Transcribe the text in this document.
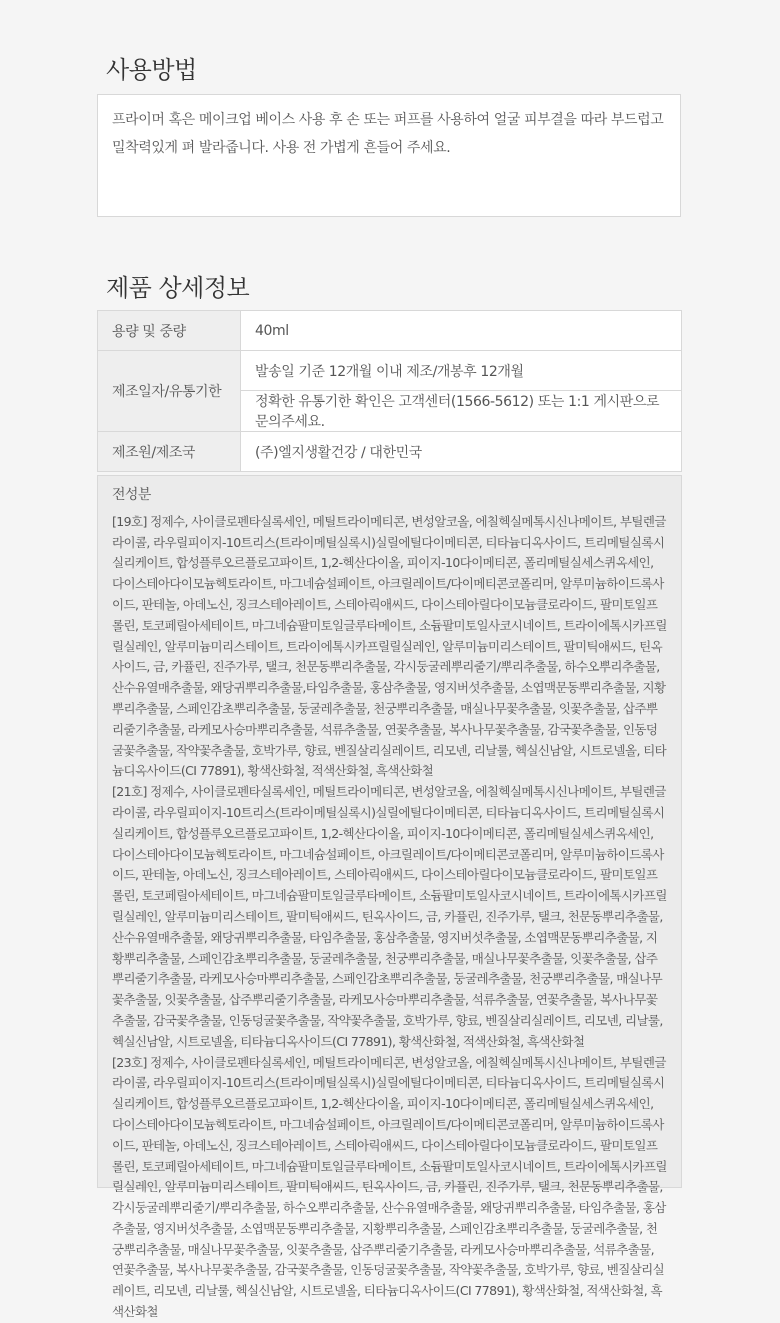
사용방법
프라이머 혹은 메이크업 베이스 사용 후 손 또는 퍼프를 사용하여 얼굴 피부결을 따라 부드럽고 밀착력있게 펴 발라줍니다. 사용 전 가볍게 흔들어 주세요.
제품 상세정보
용량 및 중량	40ml
제조일자/유통기한	발송일 기준 12개월 이내 제조/개봉후 12개월
	정확한 유통기한 확인은 고객센터(1566-5612) 또는 1:1 게시판으로 문의주세요.
제조원/제조국	(주)엘지생활건강 / 대한민국
전성분

[19호] 정제수, 사이클로펜타실록세인, 메틸트라이메티콘, 변성알코올, 에칠헥실메톡시신나메이트, 부틸렌글라이콜, 라우릴피이지-10트리스(트라이메틸실록시)실릴에틸다이메티콘, 티타늄디옥사이드, 트리메틸실록시실리케이트, 합성플루오르플로고파이트, 1,2-헥산다이올, 피이지-10다이메티콘, 폴리메틸실세스퀴옥세인, 다이스테아다이모늄헥토라이트, 마그네슘설페이트, 아크릴레이트/다이메티콘코폴리머, 알루미늄하이드록사이드, 판테놀, 아데노신, 징크스테아레이트, 스테아릭애씨드, 다이스테아릴다이모늄클로라이드, 팔미토일프롤린, 토코페릴아세테이트, 마그네슘팔미토일글루타메이트, 소듐팔미토일사코시네이트, 트라이에톡시카프릴릴실레인, 알루미늄미리스테이트, 트라이에톡시카프릴릴실레인, 알루미늄미리스테이트, 팔미틱애씨드, 틴옥사이드, 금, 카퓰린, 진주가루, 탤크, 천문동뿌리추출물, 각시둥굴레뿌리줄기/뿌리추출물, 하수오뿌리추출물, 산수유열매추출물, 왜당귀뿌리추출물,타임추출물, 홍삼추출물, 영지버섯추출물, 소엽맥문동뿌리추출물, 지황뿌리추출물, 스페인감초뿌리추출물, 둥굴레추출물, 천궁뿌리추출물, 매실나무꽃추출물, 잇꽃추출물, 삽주뿌리줄기추출물, 라케모사승마뿌리추출물, 석류추출물, 연꽃추출물, 복사나무꽃추출물, 감국꽃추출물, 인동덩굴꽃추출물, 작약꽃추출물, 호박가루, 향료, 벤질살리실레이트, 리모넨, 리날룰, 헥실신남알, 시트로넬올, 티타늄디옥사이드(CI 77891), 황색산화철, 적색산화철, 흑색산화철

[21호] 정제수, 사이클로펜타실록세인, 메틸트라이메티콘, 변성알코올, 에칠헥실메톡시신나메이트, 부틸렌글라이콜, 라우릴피이지-10트리스(트라이메틸실록시)실릴에틸다이메티콘, 티타늄디옥사이드, 트리메틸실록시실리케이트, 합성플루오르플로고파이트, 1,2-헥산다이올, 피이지-10다이메티콘, 폴리메틸실세스퀴옥세인, 다이스테아다이모늄헥토라이트, 마그네슘설페이트, 아크릴레이트/다이메티콘코폴리머, 알루미늄하이드록사이드, 판테놀, 아데노신, 징크스테아레이트, 스테아릭애씨드, 다이스테아릴다이모늄클로라이드, 팔미토일프롤린, 토코페릴아세테이트, 마그네슘팔미토일글루타메이트, 소듐팔미토일사코시네이트, 트라이에톡시카프릴릴실레인, 알루미늄미리스테이트, 팔미틱애씨드, 틴옥사이드, 금, 카퓰린, 진주가루, 탤크, 천문동뿌리추출물, 산수유열매추출물, 왜당귀뿌리추출물, 타임추출물, 홍삼추출물, 영지버섯추출물, 소엽맥문동뿌리추출물, 지황뿌리추출물, 스페인감초뿌리추출물, 둥굴레추출물, 천궁뿌리추출물, 매실나무꽃추출물, 잇꽃추출물, 삽주뿌리줄기추출물, 라케모사승마뿌리추출물, 스페인감초뿌리추출물, 둥굴레추출물, 천궁뿌리추출물, 매실나무꽃추출물, 잇꽃추출물, 삽주뿌리줄기추출물, 라케모사승마뿌리추출물, 석류추출물, 연꽃추출물, 복사나무꽃추출물, 감국꽃추출물, 인동덩굴꽃추출물, 작약꽃추출물, 호박가루, 향료, 벤질살리실레이트, 리모넨, 리날룰, 헥실신남알, 시트로넬올, 티타늄디옥사이드(CI 77891), 황색산화철, 적색산화철, 흑색산화철

[23호] 정제수, 사이클로펜타실록세인, 메틸트라이메티콘, 변성알코올, 에칠헥실메톡시신나메이트, 부틸렌글라이콜, 라우릴피이지-10트리스(트라이메틸실록시)실릴에틸다이메티콘, 티타늄디옥사이드, 트리메틸실록시실리케이트, 합성플루오르플로고파이트, 1,2-헥산다이올, 피이지-10다이메티콘, 폴리메틸실세스퀴옥세인, 다이스테아다이모늄헥토라이트, 마그네슘설페이트, 아크릴레이트/다이메티콘코폴리머, 알루미늄하이드록사이드, 판테놀, 아데노신, 징크스테아레이트, 스테아릭애씨드, 다이스테아릴다이모늄클로라이드, 팔미토일프롤린, 토코페릴아세테이트, 마그네슘팔미토일글루타메이트, 소듐팔미토일사코시네이트, 트라이에톡시카프릴릴실레인, 알루미늄미리스테이트, 팔미틱애씨드, 틴옥사이드, 금, 카퓰린, 진주가루, 탤크, 천문동뿌리추출물, 각시둥굴레뿌리줄기/뿌리추출물, 하수오뿌리추출물, 산수유열매추출물, 왜당귀뿌리추출물, 타임추출물, 홍삼추출물, 영지버섯추출물, 소엽맥문동뿌리추출물, 지황뿌리추출물, 스페인감초뿌리추출물, 둥굴레추출물, 천궁뿌리추출물, 매실나무꽃추출물, 잇꽃추출물, 삽주뿌리줄기추출물, 라케모사승마뿌리추출물, 석류추출물, 연꽃추출물, 복사나무꽃추출물, 감국꽃추출물, 인동덩굴꽃추출물, 작약꽃추출물, 호박가루, 향료, 벤질살리실레이트, 리모넨, 리날룰, 헥실신남알, 시트로넬올, 티타늄디옥사이드(CI 77891), 황색산화철, 적색산화철, 흑색산화철
